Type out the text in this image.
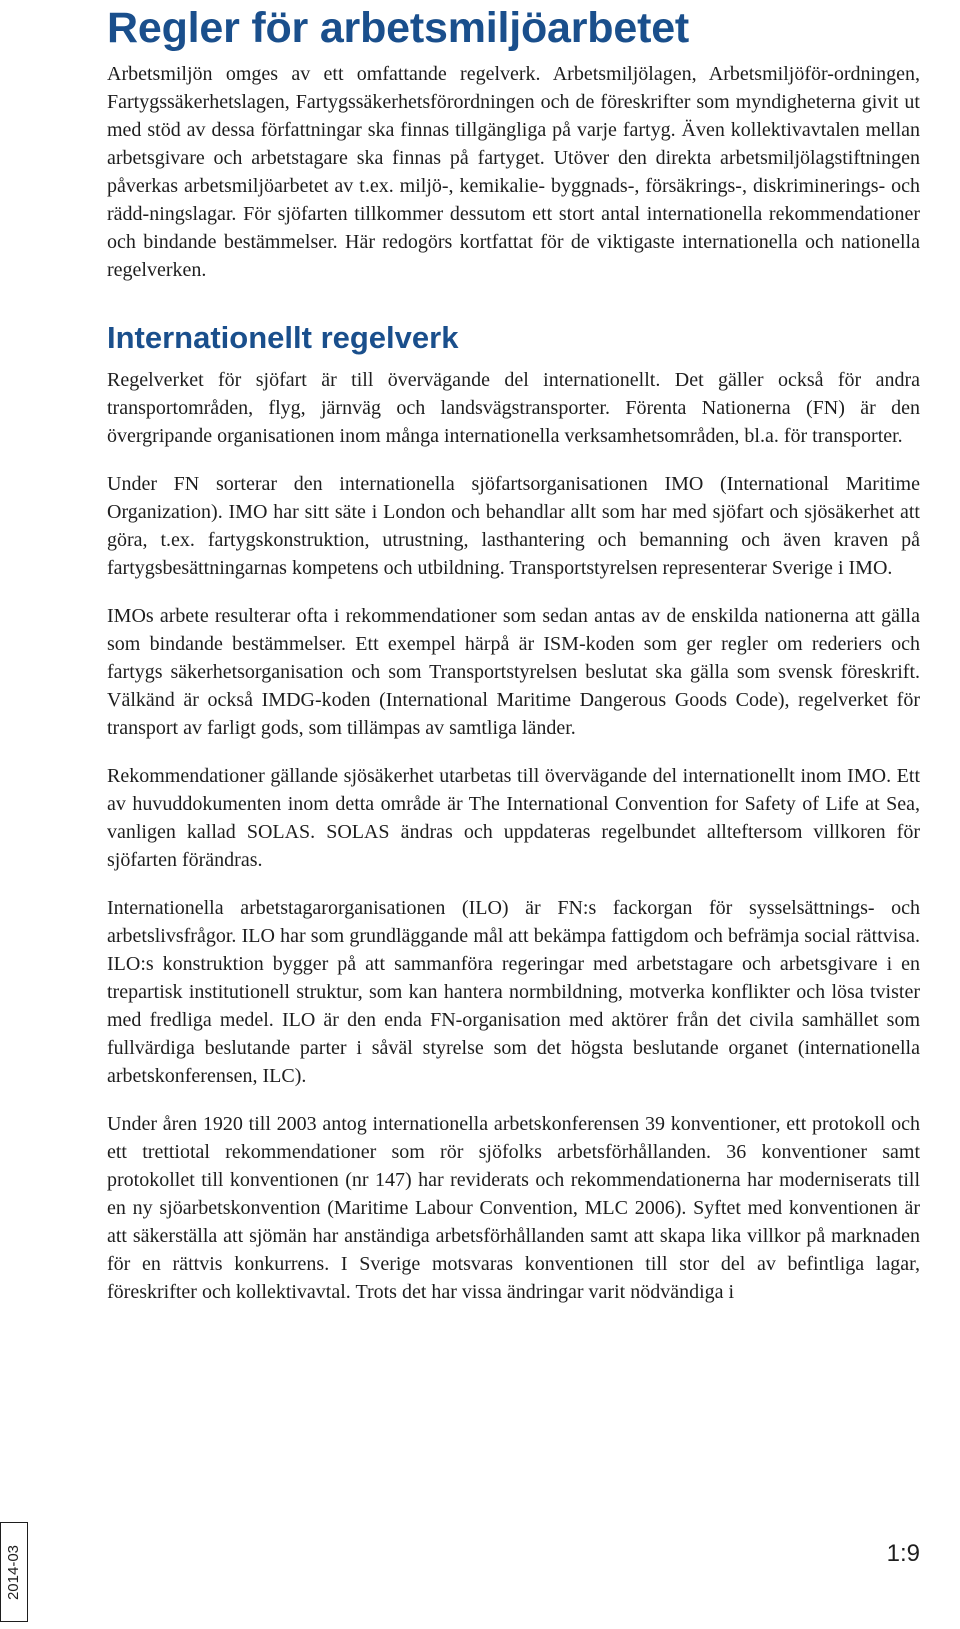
Regler för arbetsmiljöarbetet

Arbetsmiljön omges av ett omfattande regelverk. Arbetsmiljölagen, Arbetsmiljöför-ordningen, Fartygssäkerhetslagen, Fartygssäkerhetsförordningen och de föreskrifter som myndigheterna givit ut med stöd av dessa författningar ska finnas tillgängliga på varje fartyg. Även kollektivavtalen mellan arbetsgivare och arbetstagare ska finnas på fartyget. Utöver den direkta arbetsmiljölagstiftningen påverkas arbetsmiljöarbetet av t.ex. miljö-, kemikalie- byggnads-, försäkrings-, diskriminerings- och rädd-ningslagar. För sjöfarten tillkommer dessutom ett stort antal internationella rekommendationer och bindande bestämmelser. Här redogörs kortfattat för de viktigaste internationella och nationella regelverken.

Internationellt regelverk

Regelverket för sjöfart är till övervägande del internationellt. Det gäller också för andra transportområden, flyg, järnväg och landsvägstransporter. Förenta Nationerna (FN) är den övergripande organisationen inom många internationella verksamhetsområden, bl.a. för transporter.

Under FN sorterar den internationella sjöfartsorganisationen IMO (International Maritime Organization). IMO har sitt säte i London och behandlar allt som har med sjöfart och sjösäkerhet att göra, t.ex. fartygskonstruktion, utrustning, lasthantering och bemanning och även kraven på fartygsbesättningarnas kompetens och utbildning. Transportstyrelsen representerar Sverige i IMO.

IMOs arbete resulterar ofta i rekommendationer som sedan antas av de enskilda nationerna att gälla som bindande bestämmelser. Ett exempel härpå är ISM-koden som ger regler om rederiers och fartygs säkerhetsorganisation och som Transportstyrelsen beslutat ska gälla som svensk föreskrift. Välkänd är också IMDG-koden (International Maritime Dangerous Goods Code), regelverket för transport av farligt gods, som tillämpas av samtliga länder.

Rekommendationer gällande sjösäkerhet utarbetas till övervägande del internationellt inom IMO. Ett av huvuddokumenten inom detta område är The International Convention for Safety of Life at Sea, vanligen kallad SOLAS. SOLAS ändras och uppdateras regelbundet allteftersom villkoren för sjöfarten förändras.

Internationella arbetstagarorganisationen (ILO) är FN:s fackorgan för sysselsättnings- och arbetslivsfrågor. ILO har som grundläggande mål att bekämpa fattigdom och befrämja social rättvisa. ILO:s konstruktion bygger på att sammanföra regeringar med arbetstagare och arbetsgivare i en trepartisk institutionell struktur, som kan hantera normbildning, motverka konflikter och lösa tvister med fredliga medel. ILO är den enda FN-organisation med aktörer från det civila samhället som fullvärdiga beslutande parter i såväl styrelse som det högsta beslutande organet (internationella arbetskonferensen, ILC).

Under åren 1920 till 2003 antog internationella arbetskonferensen 39 konventioner, ett protokoll och ett trettiotal rekommendationer som rör sjöfolks arbetsförhållanden. 36 konventioner samt protokollet till konventionen (nr 147) har reviderats och rekommendationerna har moderniserats till en ny sjöarbetskonvention (Maritime Labour Convention, MLC 2006). Syftet med konventionen är att säkerställa att sjömän har anständiga arbetsförhållanden samt att skapa lika villkor på marknaden för en rättvis konkurrens. I Sverige motsvaras konventionen till stor del av befintliga lagar, föreskrifter och kollektivavtal. Trots det har vissa ändringar varit nödvändiga i

2014-03	1:9
